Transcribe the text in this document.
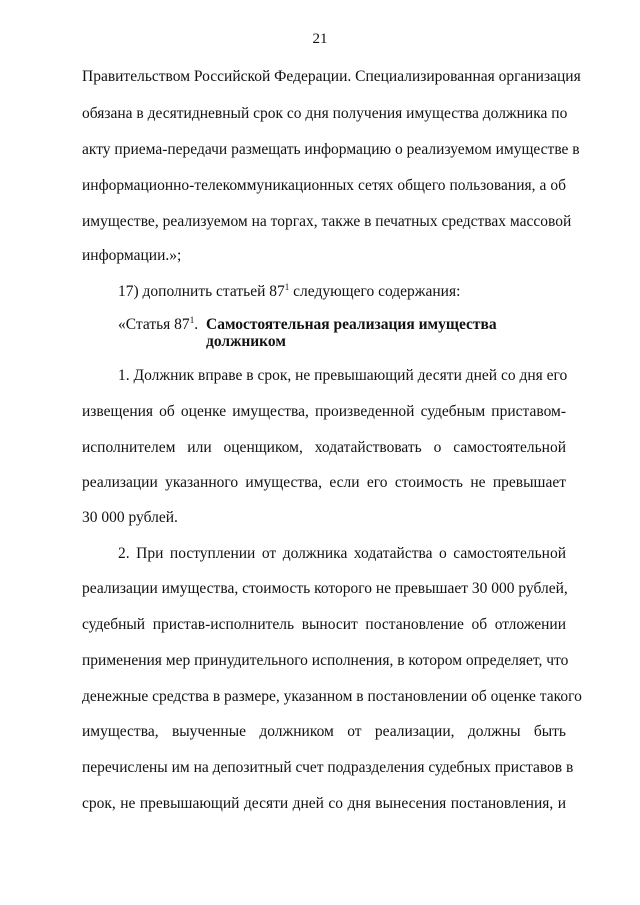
21
Правительством Российской Федерации. Специализированная организация
обязана в десятидневный срок со дня получения имущества должника по
акту приема-передачи размещать информацию о реализуемом имуществе в
информационно-телекоммуникационных сетях общего пользования, а об
имуществе, реализуемом на торгах, также в печатных средствах массовой
информации.»;
17) дополнить статьей $87^1$ следующего содержания:
«Статья $87^1$. Самостоятельная реализация имущества
должником
1. Должник вправе в срок, не превышающий десяти дней со дня его
извещения об оценке имущества, произведенной судебным приставом-
исполнителем или оценщиком, ходатайствовать о самостоятельной
реализации указанного имущества, если его стоимость не превышает
30 000 рублей.
2. При поступлении от должника ходатайства о самостоятельной
реализации имущества, стоимость которого не превышает 30 000 рублей,
судебный пристав-исполнитель выносит постановление об отложении
применения мер принудительного исполнения, в котором определяет, что
денежные средства в размере, указанном в постановлении об оценке такого
имущества, выученные должником от реализации, должны быть
перечислены им на депозитный счет подразделения судебных приставов в
срок, не превышающий десяти дней со дня вынесения постановления, и
